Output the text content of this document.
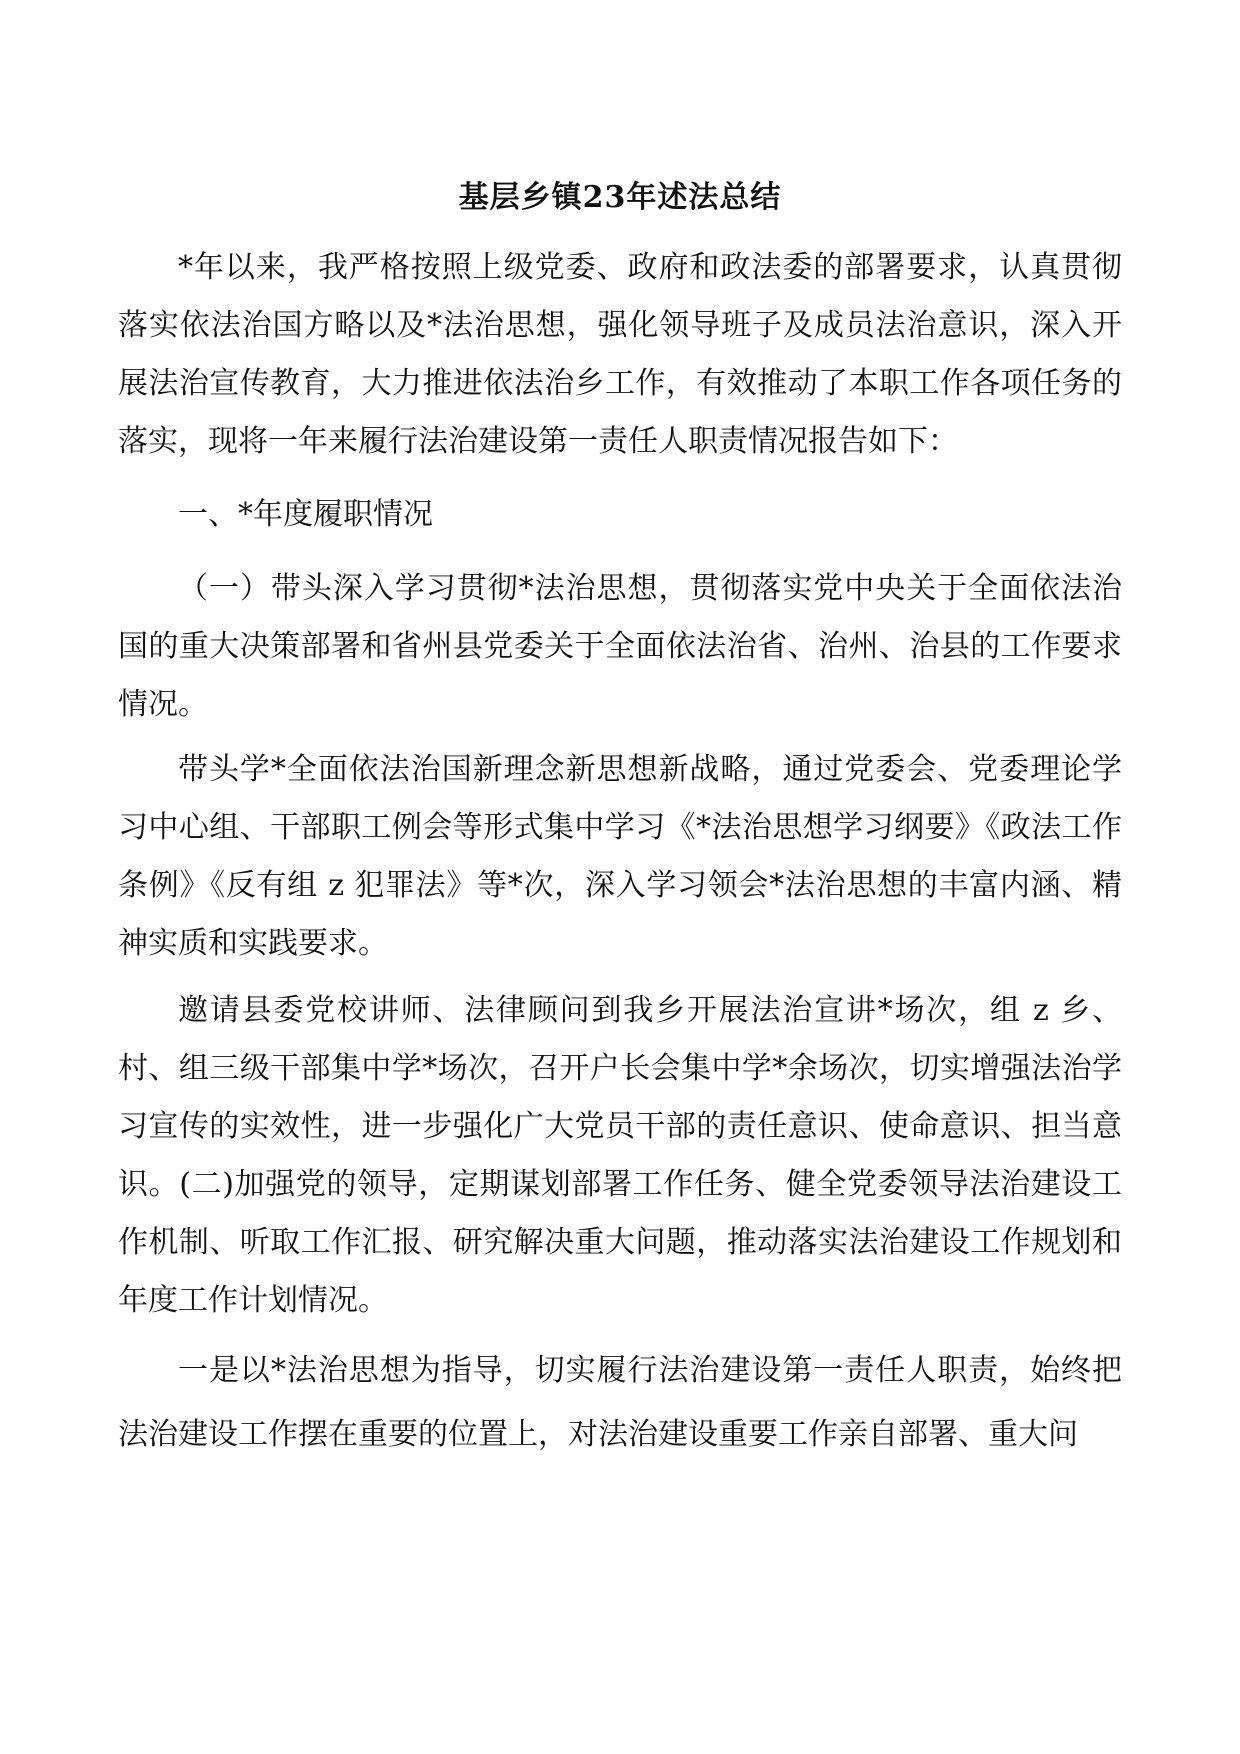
基层乡镇23年述法总结

*年以来，我严格按照上级党委、政府和政法委的部署要求，认真贯彻落实依法治国方略以及*法治思想，强化领导班子及成员法治意识，深入开展法治宣传教育，大力推进依法治乡工作，有效推动了本职工作各项任务的落实，现将一年来履行法治建设第一责任人职责情况报告如下：

一、*年度履职情况

（一）带头深入学习贯彻*法治思想，贯彻落实党中央关于全面依法治国的重大决策部署和省州县党委关于全面依法治省、治州、治县的工作要求情况。

带头学*全面依法治国新理念新思想新战略，通过党委会、党委理论学习中心组、干部职工例会等形式集中学习《*法治思想学习纲要》《政法工作条例》《反有组 z 犯罪法》等*次，深入学习领会*法治思想的丰富内涵、精神实质和实践要求。

邀请县委党校讲师、法律顾问到我乡开展法治宣讲*场次，组 z 乡、村、组三级干部集中学*场次，召开户长会集中学*余场次，切实增强法治学习宣传的实效性，进一步强化广大党员干部的责任意识、使命意识、担当意识。(二)加强党的领导，定期谋划部署工作任务、健全党委领导法治建设工作机制、听取工作汇报、研究解决重大问题，推动落实法治建设工作规划和年度工作计划情况。

一是以*法治思想为指导，切实履行法治建设第一责任人职责，始终把法治建设工作摆在重要的位置上，对法治建设重要工作亲自部署、重大问
